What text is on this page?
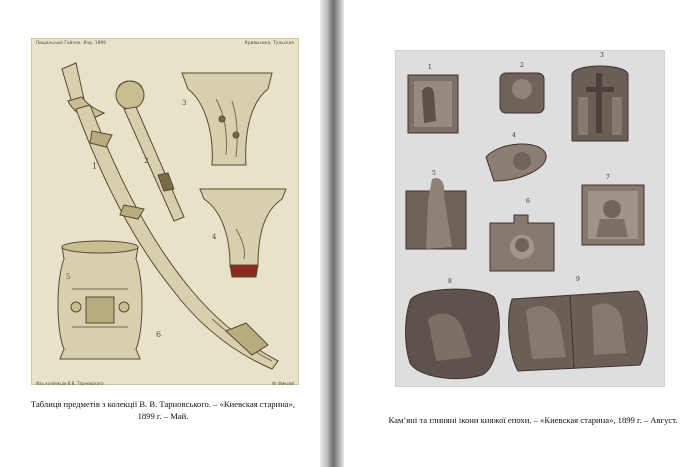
Пищальный Гайнок. Изд. 1899	Кривыхина, Тульская
1
6
2
3
4
5
Изъ коллекціи В.В. Тарновскаго	Ф. Фиксей
Таблиця предметів з колекції В. В. Тарновського. – «Киевская старина», 1899 г. – Май.
1	2
3
4
5
6
7
8	9
Кам’яні та глиняні ікони княжої епохи. – «Киевская старина», 1899 г. – Август.
